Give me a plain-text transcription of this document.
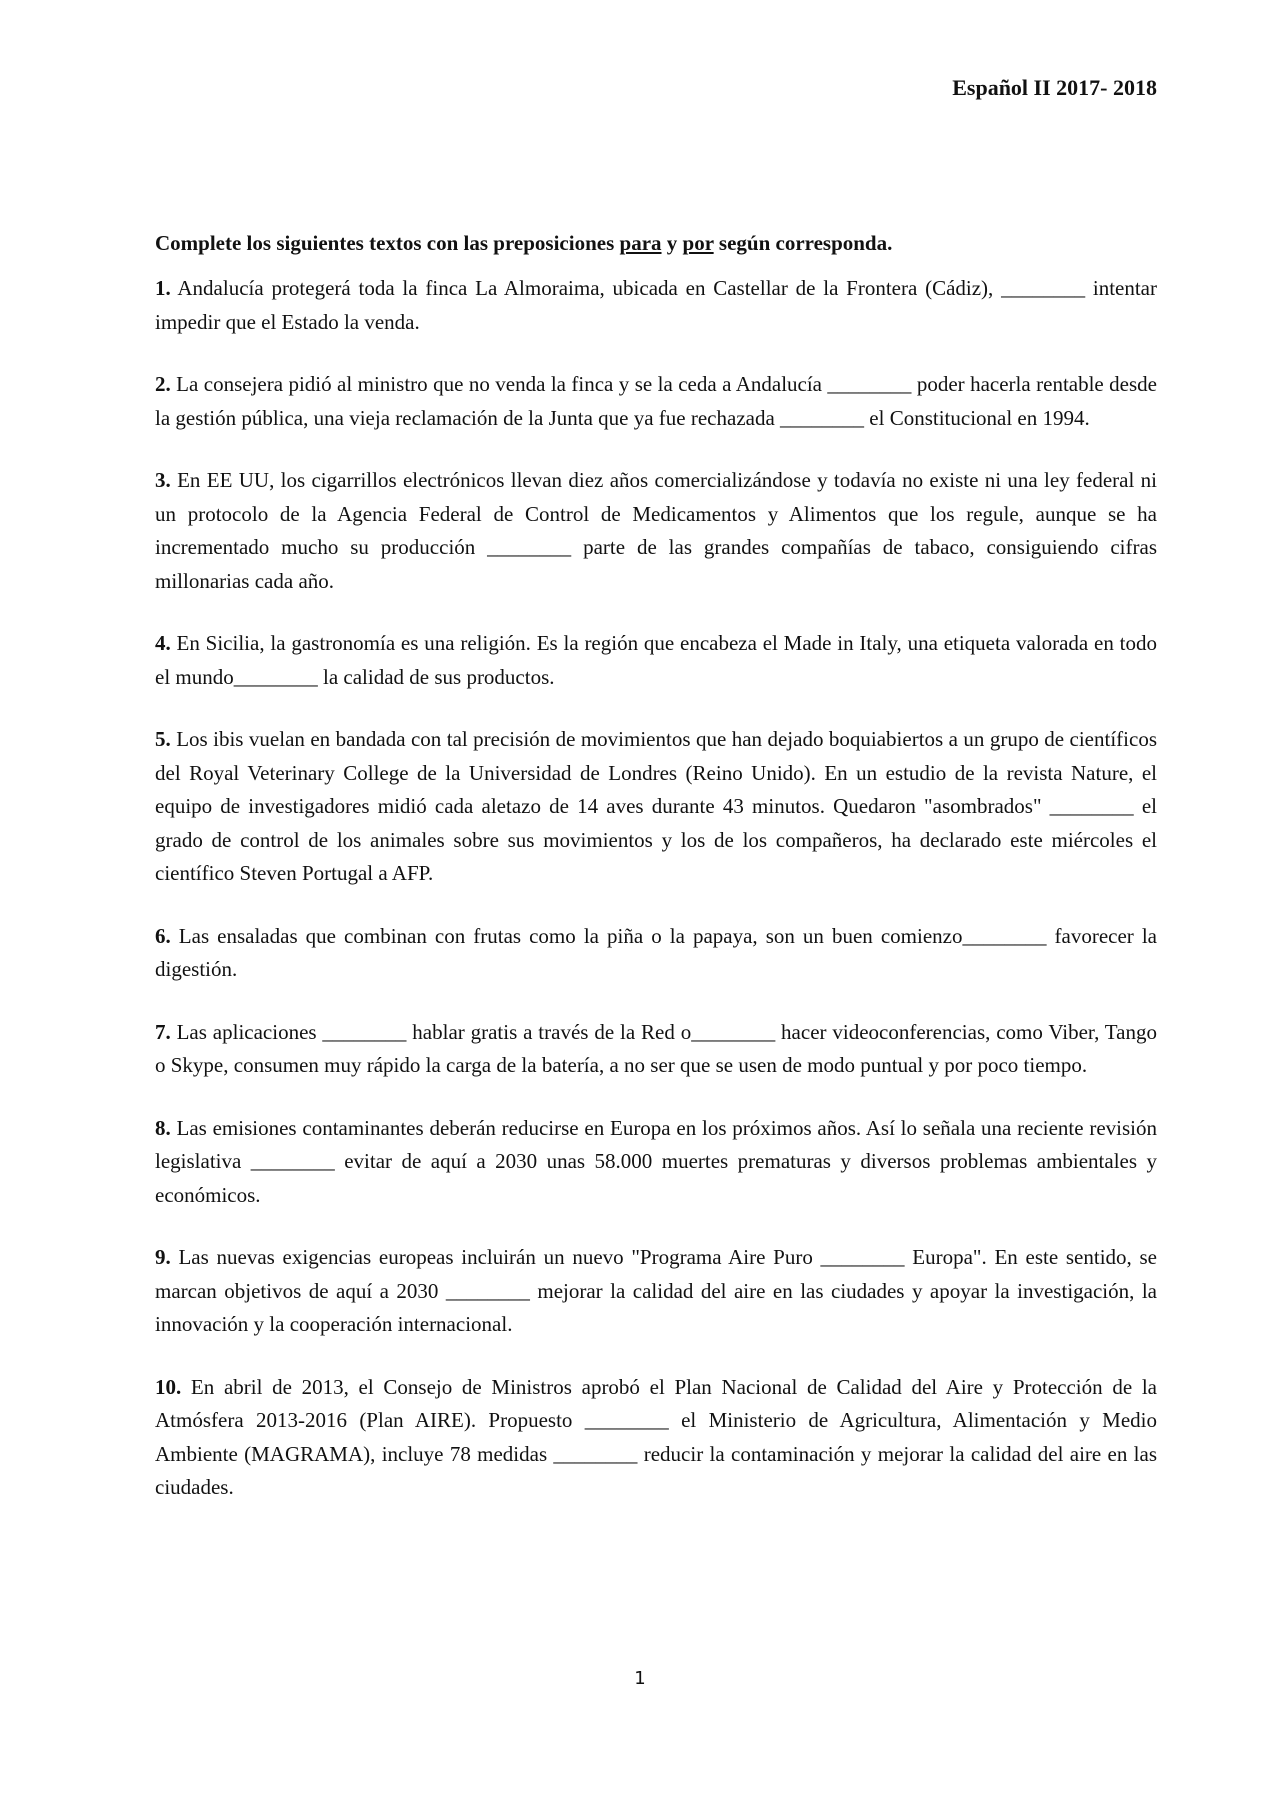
Español II 2017- 2018

Complete los siguientes textos con las preposiciones para y por según corresponda.

1. Andalucía protegerá toda la finca La Almoraima, ubicada en Castellar de la Frontera (Cádiz), ________ intentar impedir que el Estado la venda.

2. La consejera pidió al ministro que no venda la finca y se la ceda a Andalucía ________ poder hacerla rentable desde la gestión pública, una vieja reclamación de la Junta que ya fue rechazada ________ el Constitucional en 1994.

3. En EE UU, los cigarrillos electrónicos llevan diez años comercializándose y todavía no existe ni una ley federal ni un protocolo de la Agencia Federal de Control de Medicamentos y Alimentos que los regule, aunque se ha incrementado mucho su producción ________ parte de las grandes compañías de tabaco, consiguiendo cifras millonarias cada año.

4. En Sicilia, la gastronomía es una religión. Es la región que encabeza el Made in Italy, una etiqueta valorada en todo el mundo________ la calidad de sus productos.

5. Los ibis vuelan en bandada con tal precisión de movimientos que han dejado boquiabiertos a un grupo de científicos del Royal Veterinary College de la Universidad de Londres (Reino Unido). En un estudio de la revista Nature, el equipo de investigadores midió cada aletazo de 14 aves durante 43 minutos. Quedaron "asombrados" ________ el grado de control de los animales sobre sus movimientos y los de los compañeros, ha declarado este miércoles el científico Steven Portugal a AFP.

6. Las ensaladas que combinan con frutas como la piña o la papaya, son un buen comienzo________ favorecer la digestión.

7. Las aplicaciones ________ hablar gratis a través de la Red o________ hacer videoconferencias, como Viber, Tango o Skype, consumen muy rápido la carga de la batería, a no ser que se usen de modo puntual y por poco tiempo.

8. Las emisiones contaminantes deberán reducirse en Europa en los próximos años. Así lo señala una reciente revisión legislativa ________ evitar de aquí a 2030 unas 58.000 muertes prematuras y diversos problemas ambientales y económicos.

9. Las nuevas exigencias europeas incluirán un nuevo "Programa Aire Puro ________ Europa". En este sentido, se marcan objetivos de aquí a 2030 ________ mejorar la calidad del aire en las ciudades y apoyar la investigación, la innovación y la cooperación internacional.

10. En abril de 2013, el Consejo de Ministros aprobó el Plan Nacional de Calidad del Aire y Protección de la Atmósfera 2013-2016 (Plan AIRE). Propuesto ________ el Ministerio de Agricultura, Alimentación y Medio Ambiente (MAGRAMA), incluye 78 medidas ________ reducir la contaminación y mejorar la calidad del aire en las ciudades.

1
